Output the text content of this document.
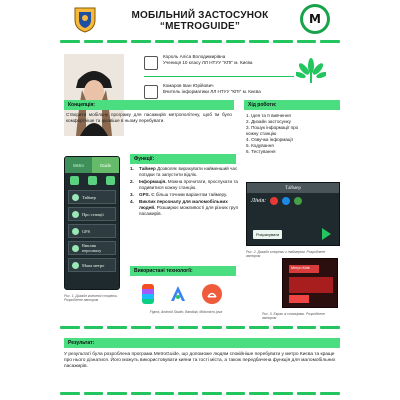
МОБІЛЬНИЙ ЗАСТОСУНОК
“METROGUIDE”
M
Король Аліса Володимирівна
Учениця 10 класу ЛЛ НТУУ "КПІ" м. Києва
Комаров Іван Юрійович
Вчитель інформатики ЛЛ НТУУ "КПІ" м. Києва
Концепція:
Створити мобільну програму для пасажирів метрополітену, щоб їм було комфортніше та цікавіше в ньому перебувати.
Хід роботи:
1. Ідея та її вивчення
2. Дизайн застосунку
3. Пошук інформації про
кожну станцію
4. Озвучка інформації
5. Кодування
6. Тестування
Metro	Guide
Таймер
Про станції
GPS
Виклик персоналу
Мапа метро
Рис. 1. Дизайн головної сторінки. Розроблене автором
Функції:
1.	Таймер Дозволяє вирахувати найменший час поїздки та запустити відлік.
2.	Інформація. Можна прочитати, прослухати та подивитися кожну станцію.
3.	GPS. Є більш точним варіантом таймеру.
4.	Виклик персоналу для маломобільних людей. Розширює можливості для різних груп пасажирів.
Використані технології:
Figma, Android Studio, Bandlab, Midomicro.java
Таймер
Лінія:
Розрахувати
Рис. 2. Дизайн сторінки з таймером. Розроблене автором
Метро Київ
Рис. 3. Екран зі станціями. Розроблене автором
Результат:
У результаті була розроблена програма MetroGuide, що допоможе людям спокійніше перебувати у метро Києва та краще про нього дізнатися. Його можуть використовувати кияни та гості міста, а також передбачена функція для маломобільних пасажирів.
